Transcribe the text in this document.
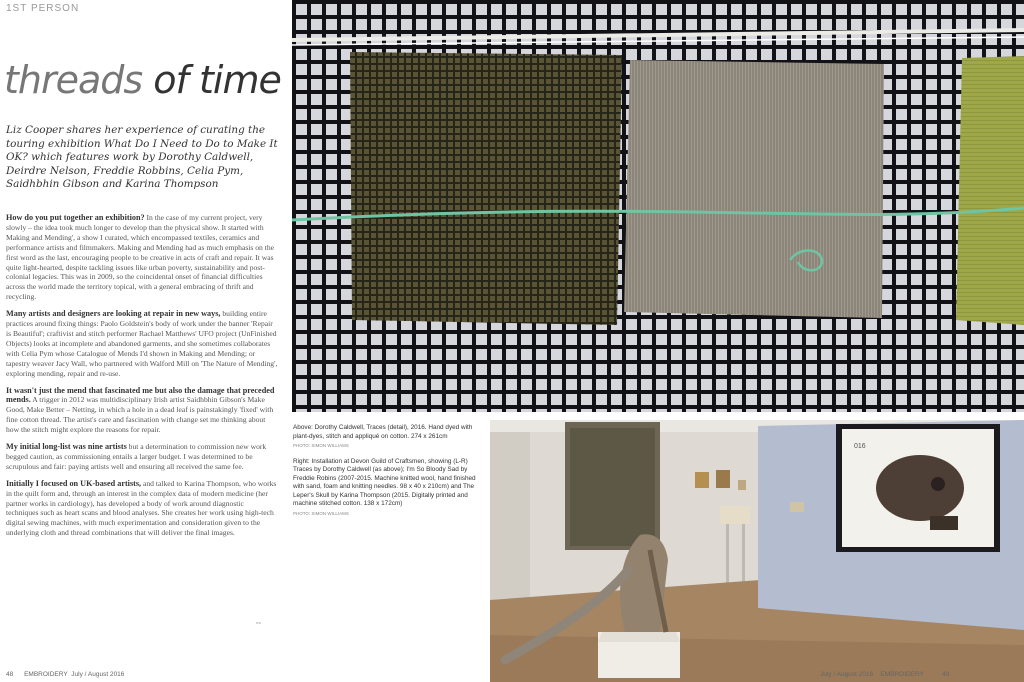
1ST PERSON
threads of time
Liz Cooper shares her experience of curating the touring exhibition What Do I Need to Do to Make It OK? which features work by Dorothy Caldwell, Deirdre Nelson, Freddie Robbins, Celia Pym, Saidhbhin Gibson and Karina Thompson

How do you put together an exhibition? In the case of my current project, very slowly – the idea took much longer to develop than the physical show. It started with Making and Mending', a show I curated, which encompassed textiles, ceramics and performance artists and filmmakers. Making and Mending had as much emphasis on the first word as the last, encouraging people to be creative in acts of craft and repair. It was quite light-hearted, despite tackling issues like urban poverty, sustainability and post-colonial legacies. This was in 2009, so the coincidental onset of financial difficulties across the world made the territory topical, with a general embracing of thrift and recycling.

Many artists and designers are looking at repair in new ways, building entire practices around fixing things: Paolo Goldstein's body of work under the banner 'Repair is Beautiful'; craftivist and stitch performer Rachael Matthews' UFO project (UnFinished Objects) looks at incomplete and abandoned garments, and she sometimes collaborates with Celia Pym whose Catalogue of Mends I'd shown in Making and Mending; or tapestry weaver Jacy Wall, who partnered with Walford Mill on 'The Nature of Mending', exploring mending, repair and re-use.

It wasn't just the mend that fascinated me but also the damage that preceded mends. A trigger in 2012 was multidisciplinary Irish artist Saidhbhin Gibson's Make Good, Make Better – Netting, in which a hole in a dead leaf is painstakingly 'fixed' with fine cotton thread. The artist's care and fascination with change set me thinking about how the stitch might explore the reasons for repair.

My initial long-list was nine artists but a determination to commission new work begged caution, as commissioning entails a larger budget. I was determined to be scrupulous and fair: paying artists well and ensuring all received the same fee.

Initially I focused on UK-based artists, and talked to Karina Thompson, who works in the quilt form and, through an interest in the complex data of modern medicine (her partner works in cardiology), has developed a body of work around diagnostic techniques such as heart scans and blood analyses. She creates her work using high-tech digital sewing machines, with much experimentation and consideration given to the underlying cloth and thread combinations that will deliver the final images.

»»
48 EMBROIDERY July / August 2016

Above: Dorothy Caldwell, Traces (detail), 2016. Hand dyed with plant-dyes, stitch and appliqué on cotton. 274 x 261cm

PHOTO: SIMON WILLIAMS

Right: Installation at Devon Guild of Craftsmen, showing (L-R) Traces by Dorothy Caldwell (as above); I'm So Bloody Sad by Freddie Robins (2007-2015. Machine knitted wool, hand finished with sand, foam and knitting needles. 98 x 40 x 210cm) and The Leper's Skull by Karina Thompson (2015. Digitally printed and machine stitched cotton. 138 x 172cm)

PHOTO: SIMON WILLIAMS

016
July / August 2016 EMBROIDERY	49
